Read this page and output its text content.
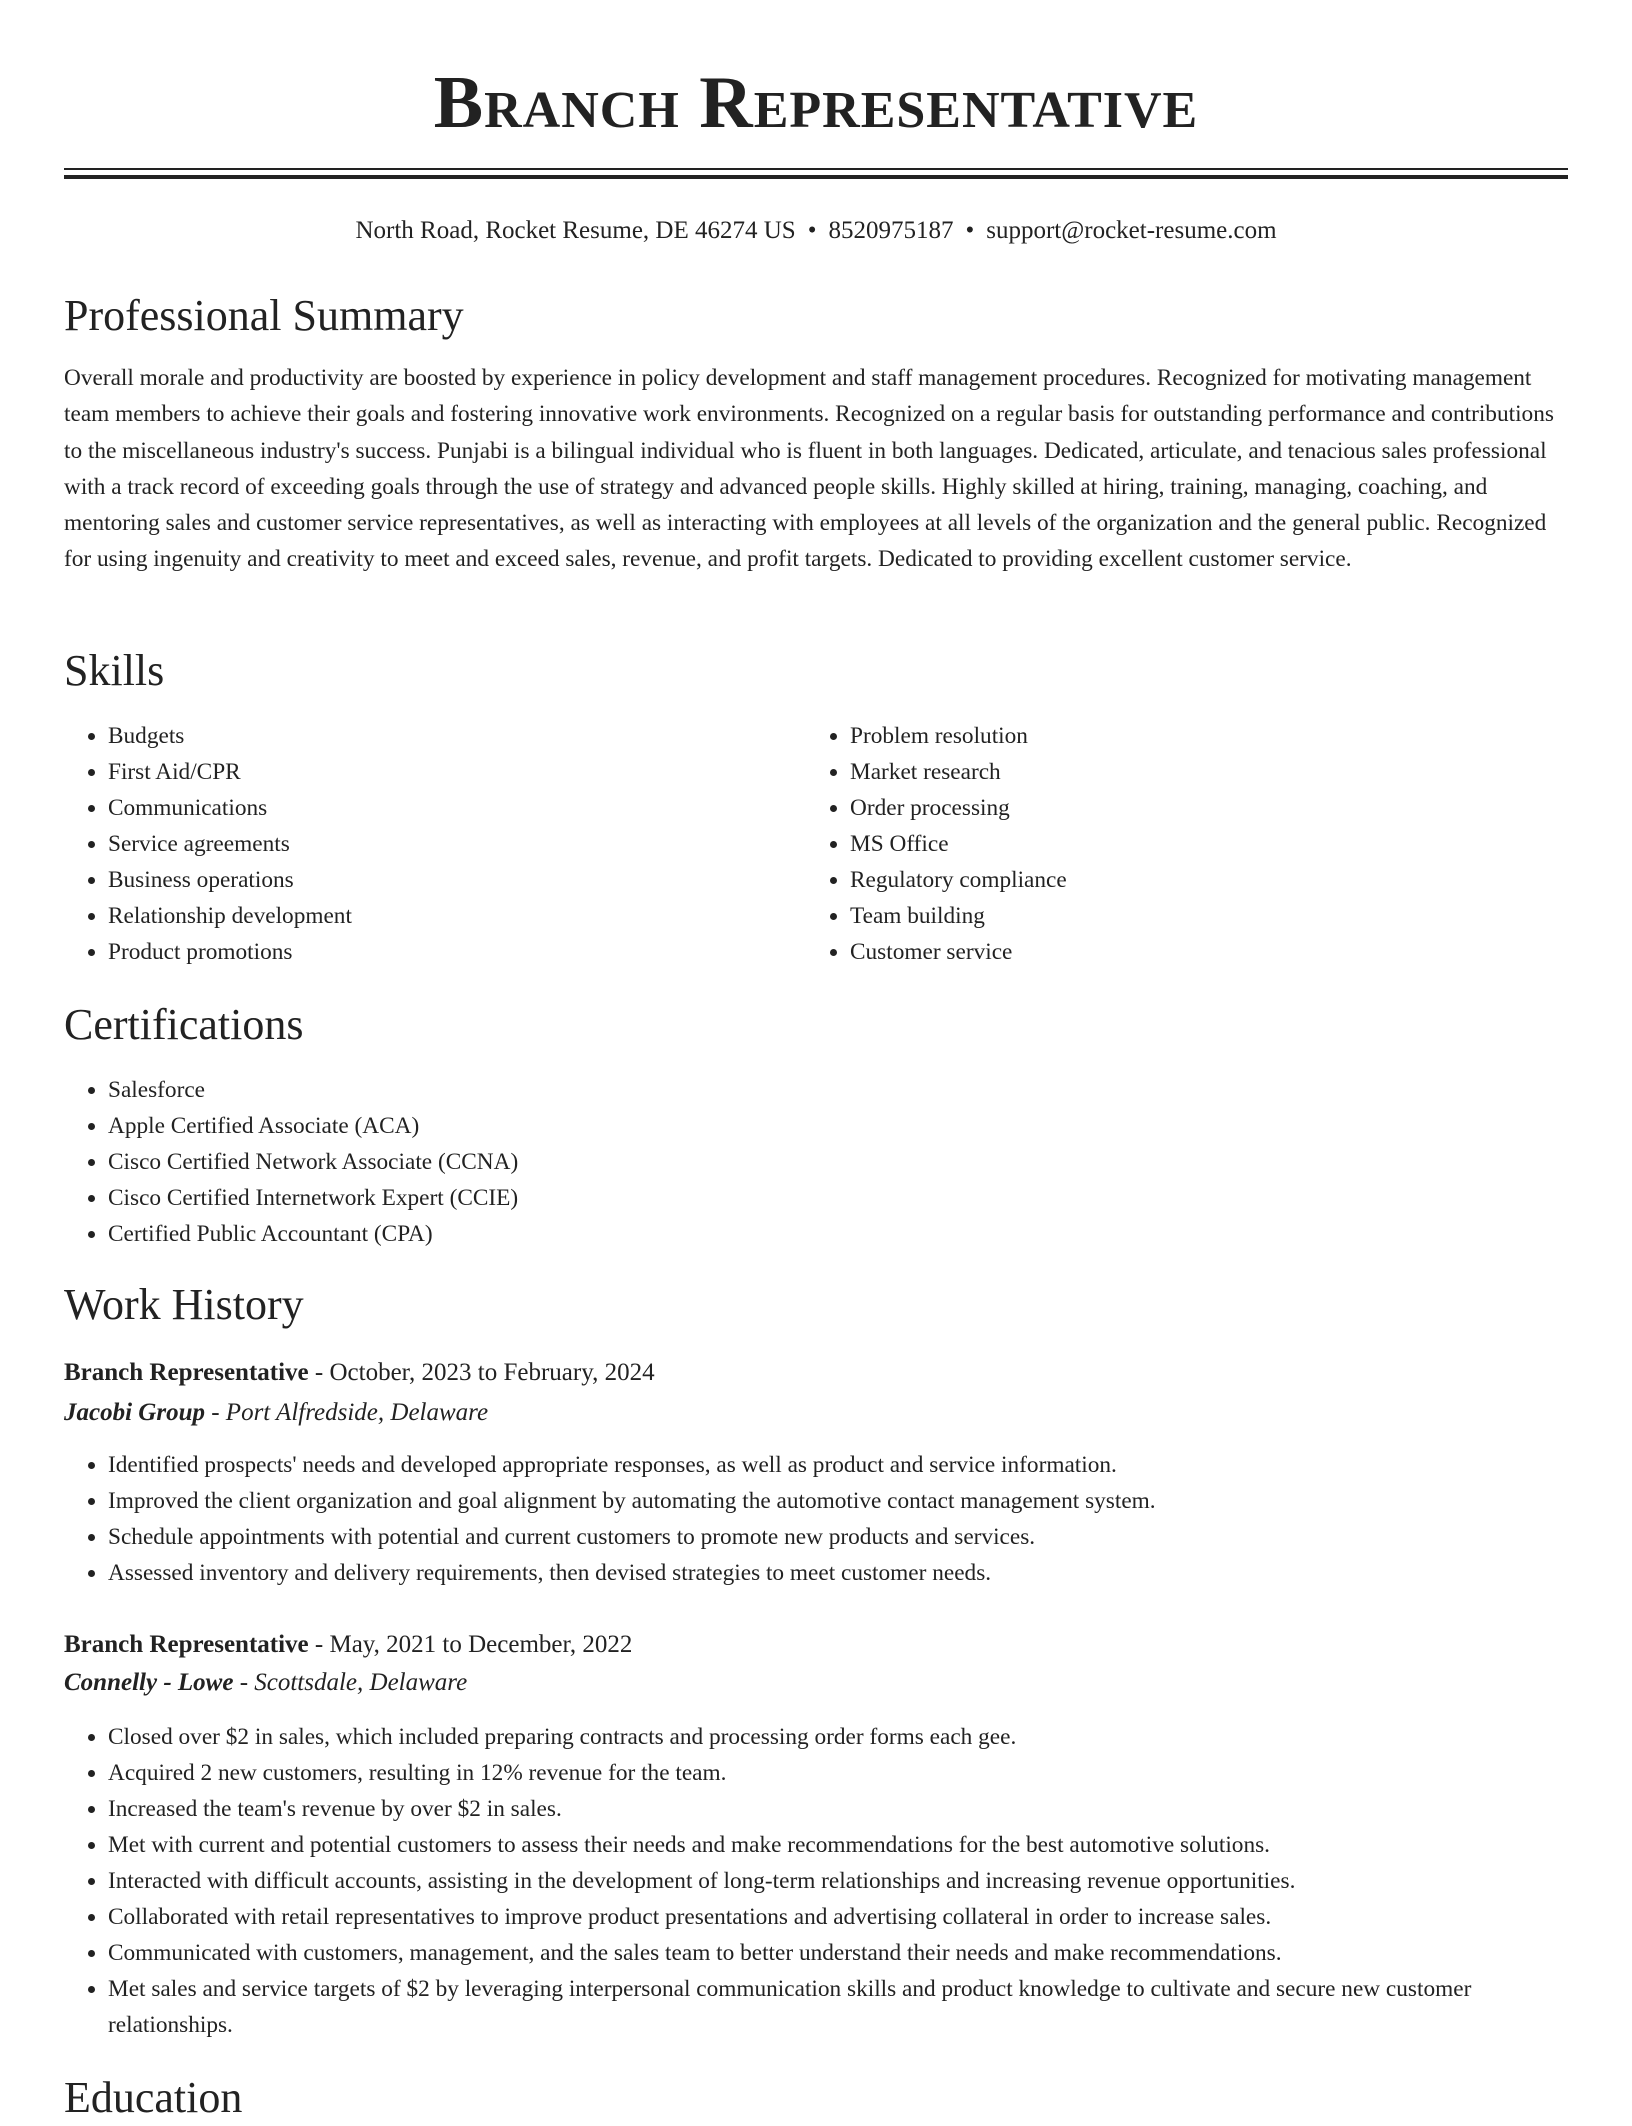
Branch Representative
North Road, Rocket Resume, DE 46274 US • 8520975187 • support@rocket-resume.com
Professional Summary

Overall morale and productivity are boosted by experience in policy development and staff management procedures. Recognized for motivating management team members to achieve their goals and fostering innovative work environments. Recognized on a regular basis for outstanding performance and contributions to the miscellaneous industry's success. Punjabi is a bilingual individual who is fluent in both languages. Dedicated, articulate, and tenacious sales professional with a track record of exceeding goals through the use of strategy and advanced people skills. Highly skilled at hiring, training, managing, coaching, and mentoring sales and customer service representatives, as well as interacting with employees at all levels of the organization and the general public. Recognized for using ingenuity and creativity to meet and exceed sales, revenue, and profit targets. Dedicated to providing excellent customer service.

Skills
• Budgets
• First Aid/CPR
• Communications
• Service agreements
• Business operations
• Relationship development
• Product promotions
• Problem resolution
• Market research
• Order processing
• MS Office
• Regulatory compliance
• Team building
• Customer service
Certifications
• Salesforce
• Apple Certified Associate (ACA)
• Cisco Certified Network Associate (CCNA)
• Cisco Certified Internetwork Expert (CCIE)
• Certified Public Accountant (CPA)
Work History
Branch Representative - October, 2023 to February, 2024
Jacobi Group - Port Alfredside, Delaware
• Identified prospects' needs and developed appropriate responses, as well as product and service information.
• Improved the client organization and goal alignment by automating the automotive contact management system.
• Schedule appointments with potential and current customers to promote new products and services.
• Assessed inventory and delivery requirements, then devised strategies to meet customer needs.
Branch Representative - May, 2021 to December, 2022
Connelly - Lowe - Scottsdale, Delaware
• Closed over $2 in sales, which included preparing contracts and processing order forms each gee.
• Acquired 2 new customers, resulting in 12% revenue for the team.
• Increased the team's revenue by over $2 in sales.
• Met with current and potential customers to assess their needs and make recommendations for the best automotive solutions.
• Interacted with difficult accounts, assisting in the development of long-term relationships and increasing revenue opportunities.
• Collaborated with retail representatives to improve product presentations and advertising collateral in order to increase sales.
• Communicated with customers, management, and the sales team to better understand their needs and make recommendations.
• Met sales and service targets of $2 by leveraging interpersonal communication skills and product knowledge to cultivate and secure new customer relationships.
Education
